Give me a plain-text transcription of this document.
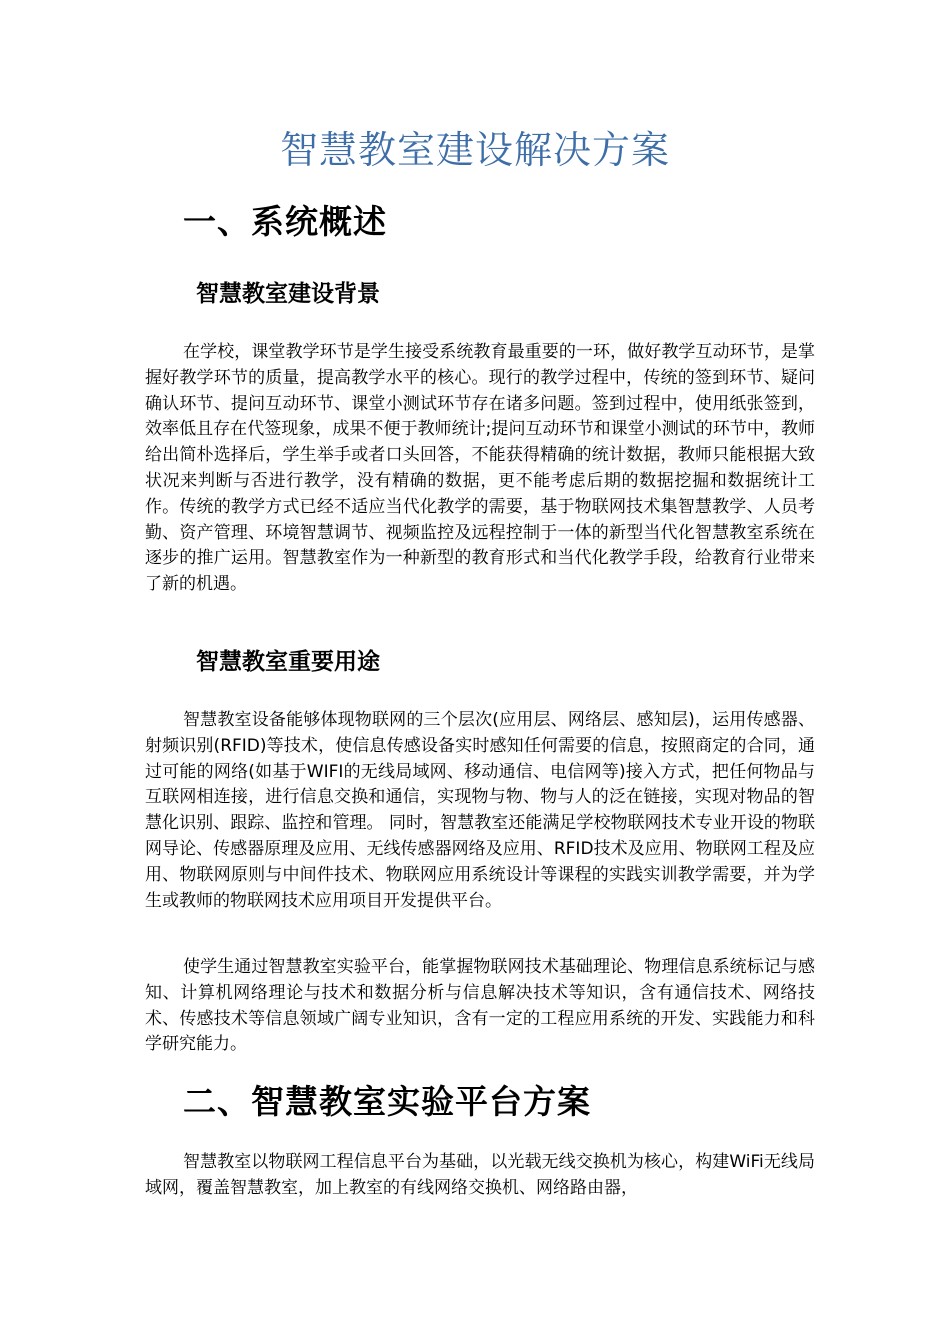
智慧教室建设解决方案
一、系统概述
智慧教室建设背景

在学校，课堂教学环节是学生接受系统教育最重要的一环，做好教学互动环节，是掌握好教学环节的质量，提高教学水平的核心。现行的教学过程中，传统的签到环节、疑问确认环节、提问互动环节、课堂小测试环节存在诸多问题。签到过程中，使用纸张签到，效率低且存在代签现象，成果不便于教师统计;提问互动环节和课堂小测试的环节中，教师给出简朴选择后，学生举手或者口头回答，不能获得精确的统计数据，教师只能根据大致状况来判断与否进行教学，没有精确的数据，更不能考虑后期的数据挖掘和数据统计工作。传统的教学方式已经不适应当代化教学的需要，基于物联网技术集智慧教学、人员考勤、资产管理、环境智慧调节、视频监控及远程控制于一体的新型当代化智慧教室系统在逐步的推广运用。智慧教室作为一种新型的教育形式和当代化教学手段，给教育行业带来了新的机遇。

智慧教室重要用途

智慧教室设备能够体现物联网的三个层次(应用层、网络层、感知层)，运用传感器、射频识别(RFID)等技术，使信息传感设备实时感知任何需要的信息，按照商定的合同，通过可能的网络(如基于WIFI的无线局域网、移动通信、电信网等)接入方式，把任何物品与互联网相连接，进行信息交换和通信，实现物与物、物与人的泛在链接，实现对物品的智慧化识别、跟踪、监控和管理。 同时，智慧教室还能满足学校物联网技术专业开设的物联网导论、传感器原理及应用、无线传感器网络及应用、RFID技术及应用、物联网工程及应用、物联网原则与中间件技术、物联网应用系统设计等课程的实践实训教学需要，并为学生或教师的物联网技术应用项目开发提供平台。

使学生通过智慧教室实验平台，能掌握物联网技术基础理论、物理信息系统标记与感知、计算机网络理论与技术和数据分析与信息解决技术等知识，含有通信技术、网络技术、传感技术等信息领域广阔专业知识，含有一定的工程应用系统的开发、实践能力和科学研究能力。

二、智慧教室实验平台方案

智慧教室以物联网工程信息平台为基础，以光载无线交换机为核心，构建WiFi无线局域网，覆盖智慧教室，加上教室的有线网络交换机、网络路由器，
